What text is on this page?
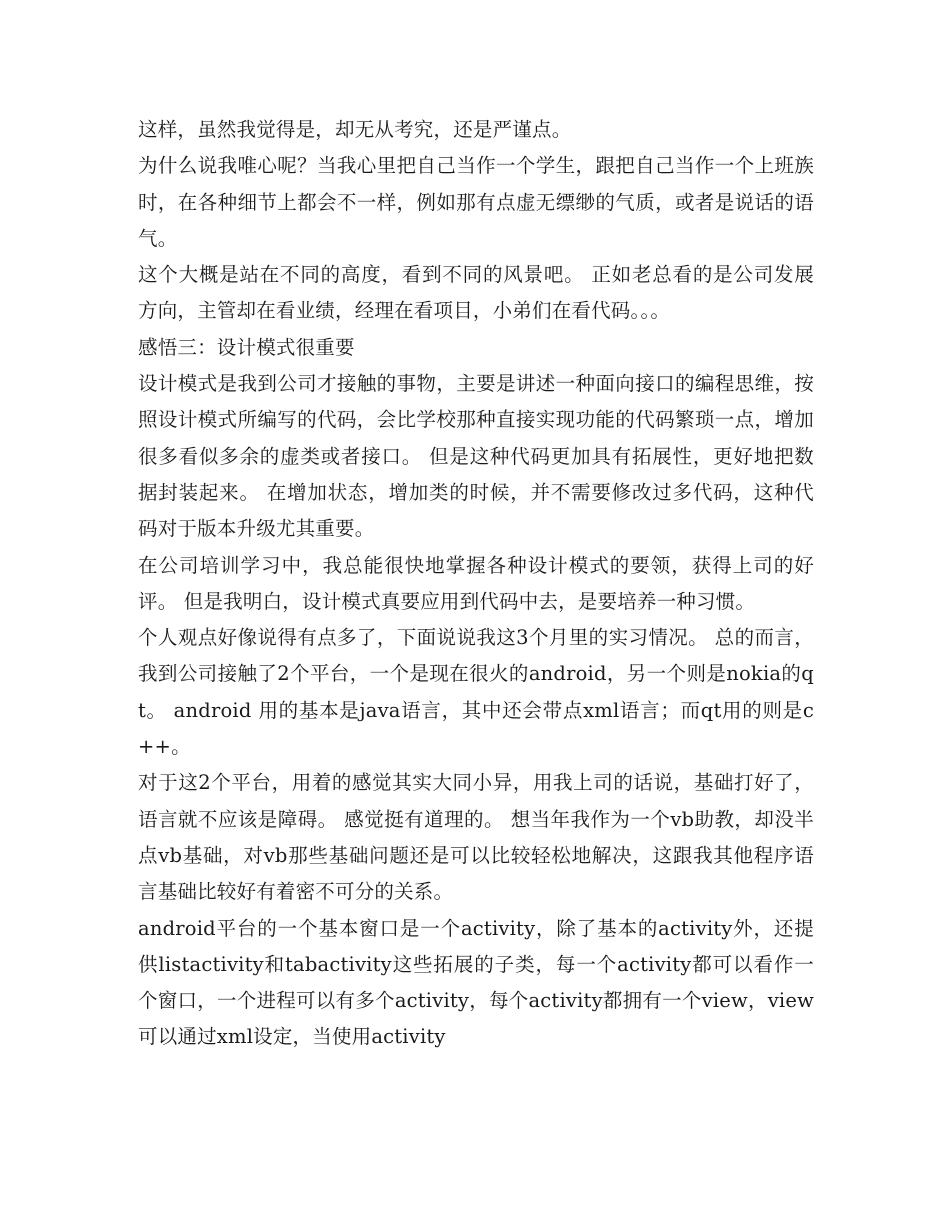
这样，虽然我觉得是，却无从考究，还是严谨点。

为什么说我唯心呢？当我心里把自己当作一个学生，跟把自己当作一个上班族时，在各种细节上都会不一样，例如那有点虚无缥缈的气质，或者是说话的语气。

这个大概是站在不同的高度，看到不同的风景吧。 正如老总看的是公司发展方向，主管却在看业绩，经理在看项目，小弟们在看代码。。。

感悟三：设计模式很重要

设计模式是我到公司才接触的事物，主要是讲述一种面向接口的编程思维，按照设计模式所编写的代码，会比学校那种直接实现功能的代码繁琐一点，增加很多看似多余的虚类或者接口。 但是这种代码更加具有拓展性，更好地把数据封装起来。 在增加状态，增加类的时候，并不需要修改过多代码，这种代码对于版本升级尤其重要。

在公司培训学习中，我总能很快地掌握各种设计模式的要领，获得上司的好评。 但是我明白，设计模式真要应用到代码中去，是要培养一种习惯。

个人观点好像说得有点多了，下面说说我这3个月里的实习情况。 总的而言，我到公司接触了2个平台，一个是现在很火的android，另一个则是nokia的qt。 android 用的基本是java语言，其中还会带点xml语言；而qt用的则是c++。

对于这2个平台，用着的感觉其实大同小异，用我上司的话说，基础打好了，语言就不应该是障碍。 感觉挺有道理的。 想当年我作为一个vb助教，却没半点vb基础，对vb那些基础问题还是可以比较轻松地解决，这跟我其他程序语言基础比较好有着密不可分的关系。

android平台的一个基本窗口是一个activity，除了基本的activity外，还提供listactivity和tabactivity这些拓展的子类，每一个activity都可以看作一个窗口，一个进程可以有多个activity，每个activity都拥有一个view，view可以通过xml设定，当使用activity
